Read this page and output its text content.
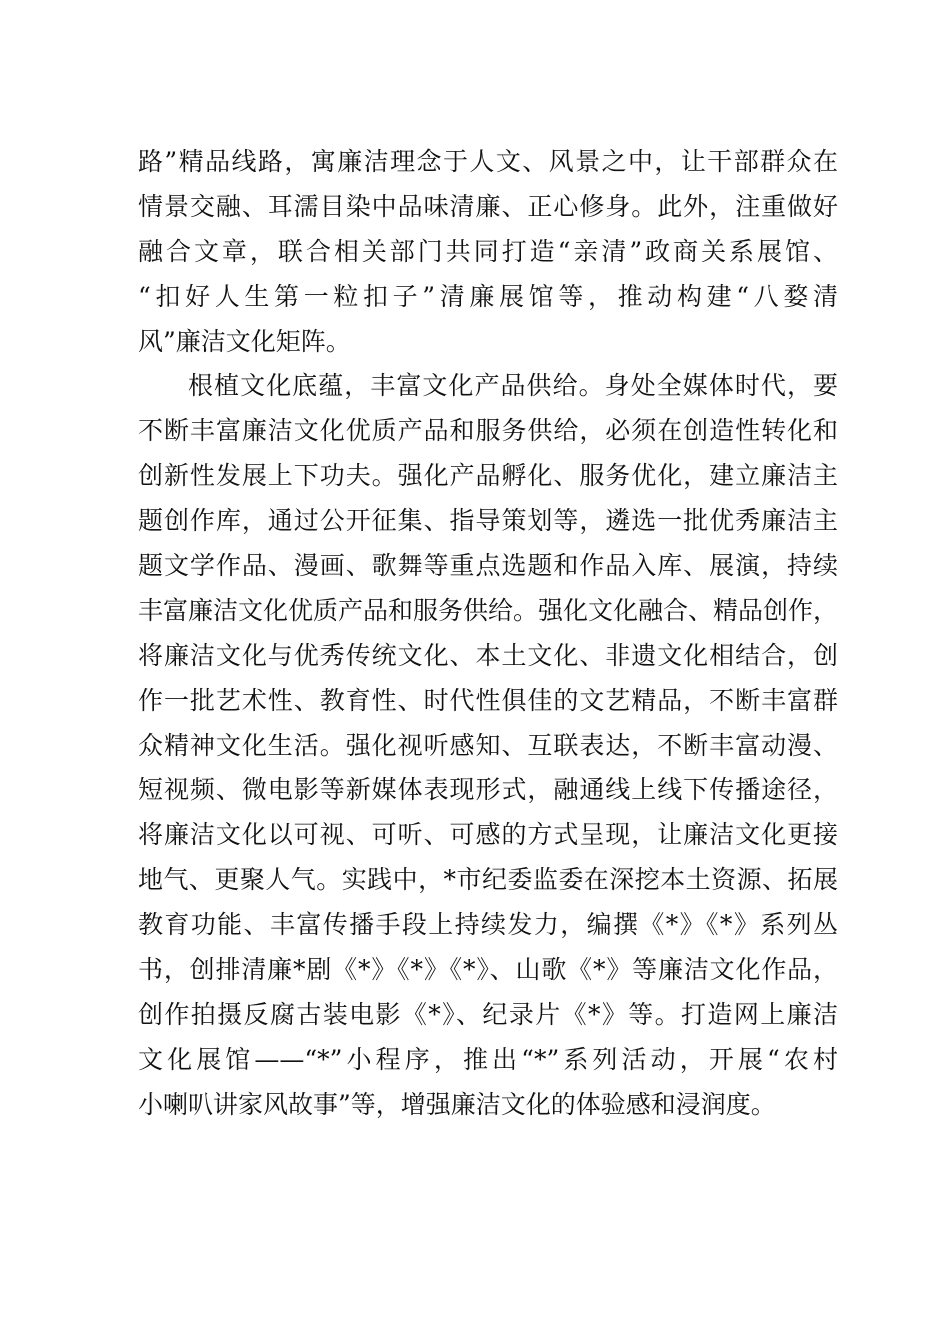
路”精品线路，寓廉洁理念于人文、风景之中，让干部群众在
情景交融、耳濡目染中品味清廉、正心修身。此外，注重做好
融合文章，联合相关部门共同打造“亲清”政商关系展馆、
“扣好人生第一粒扣子”清廉展馆等，推动构建“八婺清
风”廉洁文化矩阵。
根植文化底蕴，丰富文化产品供给。身处全媒体时代，要
不断丰富廉洁文化优质产品和服务供给，必须在创造性转化和
创新性发展上下功夫。强化产品孵化、服务优化，建立廉洁主
题创作库，通过公开征集、指导策划等，遴选一批优秀廉洁主
题文学作品、漫画、歌舞等重点选题和作品入库、展演，持续
丰富廉洁文化优质产品和服务供给。强化文化融合、精品创作，
将廉洁文化与优秀传统文化、本土文化、非遗文化相结合，创
作一批艺术性、教育性、时代性俱佳的文艺精品，不断丰富群
众精神文化生活。强化视听感知、互联表达，不断丰富动漫、
短视频、微电影等新媒体表现形式，融通线上线下传播途径，
将廉洁文化以可视、可听、可感的方式呈现，让廉洁文化更接
地气、更聚人气。实践中，*市纪委监委在深挖本土资源、拓展
教育功能、丰富传播手段上持续发力，编撰《*》《*》系列丛
书，创排清廉*剧《*》《*》《*》、山歌《*》等廉洁文化作品，
创作拍摄反腐古装电影《*》、纪录片《*》等。打造网上廉洁
文化展馆——“*”小程序，推出“*”系列活动，开展“农村
小喇叭讲家风故事”等，增强廉洁文化的体验感和浸润度。
